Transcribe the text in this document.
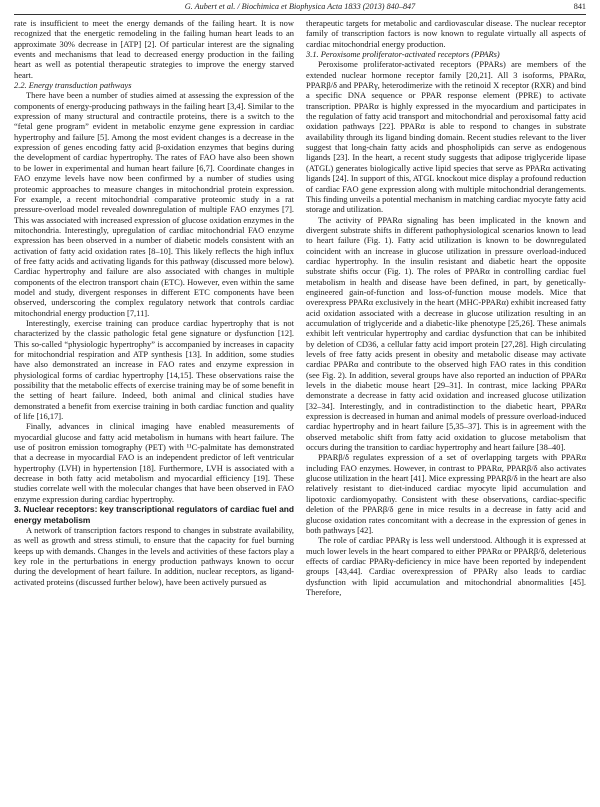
G. Aubert et al. / Biochimica et Biophysica Acta 1833 (2013) 840–847	841

rate is insufficient to meet the energy demands of the failing heart. It is now recognized that the energetic remodeling in the failing human heart leads to an approximate 30% decrease in [ATP] [2]. Of particular interest are the signaling events and mechanisms that lead to decreased energy production in the failing heart as well as potential therapeutic strategies to improve the energy starved heart.

2.2. Energy transduction pathways

There have been a number of studies aimed at assessing the expression of the components of energy-producing pathways in the failing heart [3,4]. Similar to the expression of many structural and contractile proteins, there is a switch to the “fetal gene program” evident in metabolic enzyme gene expression in cardiac hypertrophy and failure [5]. Among the most evident changes is a decrease in the expression of genes encoding fatty acid β-oxidation enzymes that begins during the development of cardiac hypertrophy. The rates of FAO have also been shown to be lower in experimental and human heart failure [6,7]. Coordinate changes in FAO enzyme levels have now been confirmed by a number of studies using proteomic approaches to measure changes in mitochondrial protein expression. For example, a recent mitochondrial comparative proteomic study in a rat pressure-overload model revealed downregulation of multiple FAO enzymes [7]. This was associated with increased expression of glucose oxidation enzymes in the mitochondria. Interestingly, upregulation of cardiac mitochondrial FAO enzyme expression has been observed in a number of diabetic models consistent with an activation of fatty acid oxidation rates [8–10]. This likely reflects the high influx of free fatty acids and activating ligands for this pathway (discussed more below). Cardiac hypertrophy and failure are also associated with changes in multiple components of the electron transport chain (ETC). However, even within the same model and study, divergent responses in different ETC components have been observed, underscoring the complex regulatory network that controls cardiac mitochondrial energy production [7,11].

Interestingly, exercise training can produce cardiac hypertrophy that is not characterized by the classic pathologic fetal gene signature or dysfunction [12]. This so-called “physiologic hypertrophy” is accompanied by increases in capacity for mitochondrial respiration and ATP synthesis [13]. In addition, some studies have also demonstrated an increase in FAO rates and enzyme expression in physiological forms of cardiac hypertrophy [14,15]. These observations raise the possibility that the metabolic effects of exercise training may be of some benefit in the setting of heart failure. Indeed, both animal and clinical studies have demonstrated a benefit from exercise training in both cardiac function and quality of life [16,17].

Finally, advances in clinical imaging have enabled measurements of myocardial glucose and fatty acid metabolism in humans with heart failure. The use of positron emission tomography (PET) with ¹¹C-palmitate has demonstrated that a decrease in myocardial FAO is an independent predictor of left ventricular hypertrophy (LVH) in hypertension [18]. Furthermore, LVH is associated with a decrease in both fatty acid metabolism and myocardial efficiency [19]. These studies correlate well with the molecular changes that have been observed in FAO enzyme expression during cardiac hypertrophy.

3. Nuclear receptors: key transcriptional regulators of cardiac fuel and energy metabolism

A network of transcription factors respond to changes in substrate availability, as well as growth and stress stimuli, to ensure that the capacity for fuel burning keeps up with demands. Changes in the levels and activities of these factors play a key role in the perturbations in energy production pathways known to occur during the development of heart failure. In addition, nuclear receptors, as ligand-activated proteins (discussed further below), have been actively pursued as

therapeutic targets for metabolic and cardiovascular disease. The nuclear receptor family of transcription factors is now known to regulate virtually all aspects of cardiac mitochondrial energy production.

3.1. Peroxisome proliferator-activated receptors (PPARs)

Peroxisome proliferator-activated receptors (PPARs) are members of the extended nuclear hormone receptor family [20,21]. All 3 isoforms, PPARα, PPARβ/δ and PPARγ, heterodimerize with the retinoid X receptor (RXR) and bind a specific DNA sequence or PPAR response element (PPRE) to activate transcription. PPARα is highly expressed in the myocardium and participates in the regulation of fatty acid transport and mitochondrial and peroxisomal fatty acid oxidation pathways [22]. PPARα is able to respond to changes in substrate availability through its ligand binding domain. Recent studies relevant to the liver suggest that long-chain fatty acids and phospholipids can serve as endogenous ligands [23]. In the heart, a recent study suggests that adipose triglyceride lipase (ATGL) generates biologically active lipid species that serve as PPARα activating ligands [24]. In support of this, ATGL knockout mice display a profound reduction of cardiac FAO gene expression along with multiple mitochondrial derangements. This finding unveils a potential mechanism in matching cardiac myocyte fatty acid storage and utilization.

The activity of PPARα signaling has been implicated in the known and divergent substrate shifts in different pathophysiological scenarios known to lead to heart failure (Fig. 1). Fatty acid utilization is known to be downregulated coincident with an increase in glucose utilization in pressure overload-induced cardiac hypertrophy. In the insulin resistant and diabetic heart the opposite substrate shifts occur (Fig. 1). The roles of PPARα in controlling cardiac fuel metabolism in health and disease have been defined, in part, by genetically-engineered gain-of-function and loss-of-function mouse models. Mice that overexpress PPARα exclusively in the heart (MHC-PPARα) exhibit increased fatty acid oxidation associated with a decrease in glucose utilization resulting in an accumulation of triglyceride and a diabetic-like phenotype [25,26]. These animals exhibit left ventricular hypertrophy and cardiac dysfunction that can be inhibited by deletion of CD36, a cellular fatty acid import protein [27,28]. High circulating levels of free fatty acids present in obesity and metabolic disease may activate cardiac PPARα and contribute to the observed high FAO rates in this condition (see Fig. 2). In addition, several groups have also reported an induction of PPARα levels in the diabetic mouse heart [29–31]. In contrast, mice lacking PPARα demonstrate a decrease in fatty acid oxidation and increased glucose utilization [32–34]. Interestingly, and in contradistinction to the diabetic heart, PPARα expression is decreased in human and animal models of pressure overload-induced cardiac hypertrophy and in heart failure [5,35–37]. This is in agreement with the observed metabolic shift from fatty acid oxidation to glucose metabolism that occurs during the transition to cardiac hypertrophy and heart failure [38–40].

PPARβ/δ regulates expression of a set of overlapping targets with PPARα including FAO enzymes. However, in contrast to PPARα, PPARβ/δ also activates glucose utilization in the heart [41]. Mice expressing PPARβ/δ in the heart are also relatively resistant to diet-induced cardiac myocyte lipid accumulation and lipotoxic cardiomyopathy. Consistent with these observations, cardiac-specific deletion of the PPARβ/δ gene in mice results in a decrease in fatty acid and glucose oxidation rates concomitant with a decrease in the expression of genes in both pathways [42].

The role of cardiac PPARγ is less well understood. Although it is expressed at much lower levels in the heart compared to either PPARα or PPARβ/δ, deleterious effects of cardiac PPARγ-deficiency in mice have been reported by independent groups [43,44]. Cardiac overexpression of PPARγ also leads to cardiac dysfunction with lipid accumulation and mitochondrial abnormalities [45]. Therefore,
